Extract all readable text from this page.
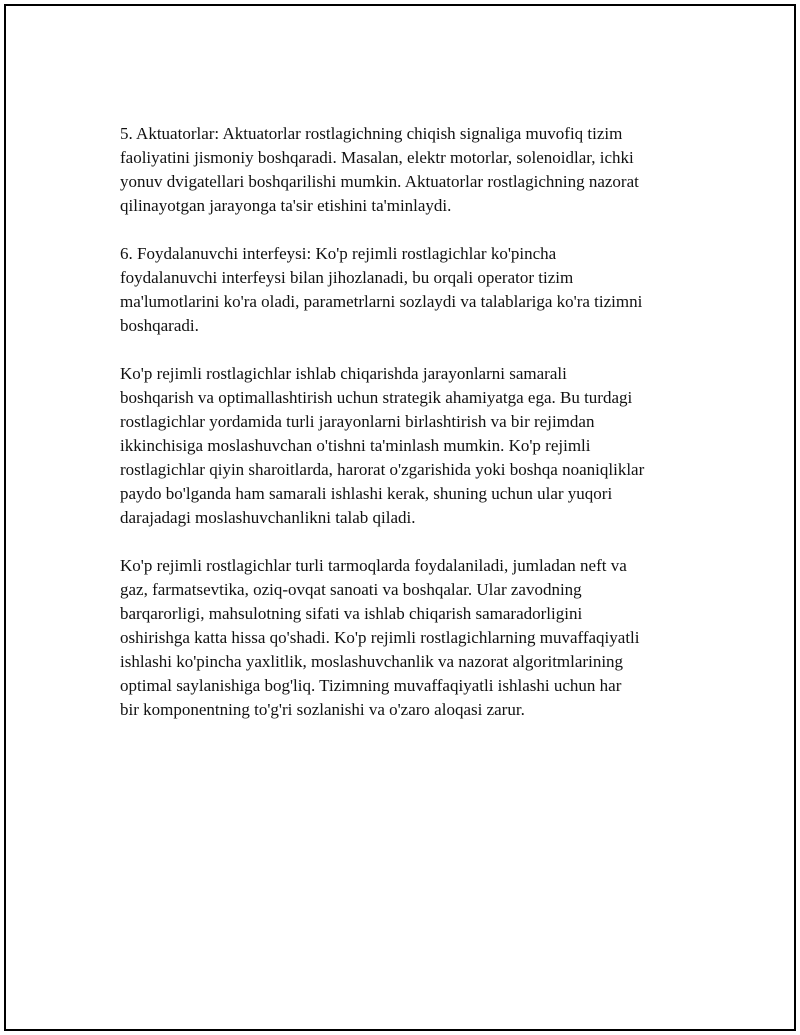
5. Aktuatorlar: Aktuatorlar rostlagichning chiqish signaliga muvofiq tizim
faoliyatini jismoniy boshqaradi. Masalan, elektr motorlar, solenoidlar, ichki
yonuv dvigatellari boshqarilishi mumkin. Aktuatorlar rostlagichning nazorat
qilinayotgan jarayonga ta'sir etishini ta'minlaydi.

6. Foydalanuvchi interfeysi: Ko'p rejimli rostlagichlar ko'pincha
foydalanuvchi interfeysi bilan jihozlanadi, bu orqali operator tizim
ma'lumotlarini ko'ra oladi, parametrlarni sozlaydi va talablariga ko'ra tizimni
boshqaradi.

Ko'p rejimli rostlagichlar ishlab chiqarishda jarayonlarni samarali
boshqarish va optimallashtirish uchun strategik ahamiyatga ega. Bu turdagi
rostlagichlar yordamida turli jarayonlarni birlashtirish va bir rejimdan
ikkinchisiga moslashuvchan o'tishni ta'minlash mumkin. Ko'p rejimli
rostlagichlar qiyin sharoitlarda, harorat o'zgarishida yoki boshqa noaniqliklar
paydo bo'lganda ham samarali ishlashi kerak, shuning uchun ular yuqori
darajadagi moslashuvchanlikni talab qiladi.

Ko'p rejimli rostlagichlar turli tarmoqlarda foydalaniladi, jumladan neft va
gaz, farmatsevtika, oziq-ovqat sanoati va boshqalar. Ular zavodning
barqarorligi, mahsulotning sifati va ishlab chiqarish samaradorligini
oshirishga katta hissa qo'shadi. Ko'p rejimli rostlagichlarning muvaffaqiyatli
ishlashi ko'pincha yaxlitlik, moslashuvchanlik va nazorat algoritmlarining
optimal saylanishiga bog'liq. Tizimning muvaffaqiyatli ishlashi uchun har
bir komponentning to'g'ri sozlanishi va o'zaro aloqasi zarur.
